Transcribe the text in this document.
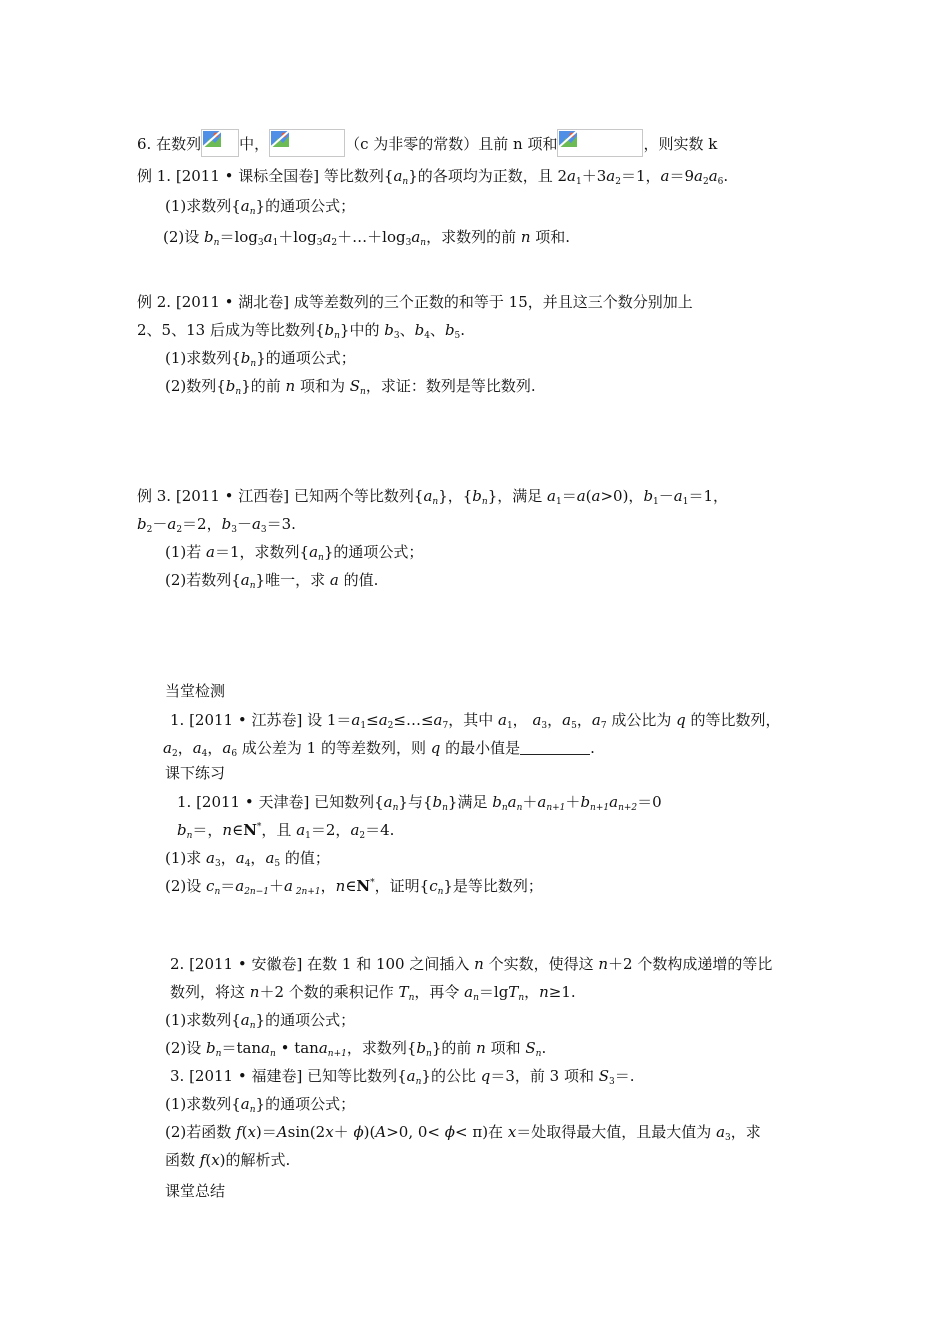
6. 在数列	中，	（c 为非零的常数）且前 n 项和	，则实数 k
例 1. [2011 • 课标全国卷] 等比数列$\{a_n\}$的各项均为正数，且 $2a_1+3a_2=1$，$a=9a_2a_6$.
(1)求数列$\{a_n\}$的通项公式；
(2)设 $b_n=\log_3a_1+\log_3a_2+\dots+\log_3a_n$，求数列的前 n 项和.
例 2. [2011 • 湖北卷] 成等差数列的三个正数的和等于 15，并且这三个数分别加上
2、5、13 后成为等比数列$\{b_n\}$中的 $b_3$、$b_4$、$b_5$.
(1)求数列$\{b_n\}$的通项公式；
(2)数列$\{b_n\}$的前 n 项和为 $S_n$，求证：数列是等比数列.
例 3. [2011 • 江西卷] 已知两个等比数列$\{a_n\}$，$\{b_n\}$，满足 $a_1=a(a>0)$，$b_1-a_1=1$，
$b_2-a_2=2$，$b_3-a_3=3$.
(1)若 a＝1，求数列$\{a_n\}$的通项公式；
(2)若数列$\{a_n\}$唯一，求 a 的值.
当堂检测
1. [2011 • 江苏卷] 设 $1=a_1\le a_2\le\dots\le a_7$，其中 $a_1$， $a_3$，$a_5$，$a_7$ 成公比为 q 的等比数列，
$a_2$，$a_4$，$a_6$ 成公差为 1 的等差数列，则 q 的最小值是	.
课下练习
1. [2011 • 天津卷] 已知数列$\{a_n\}$与$\{b_n\}$满足 $b_na_n+a_{n+1}+b_{n+1}a_{n+2}=0$
$b_n=$，n∈N*，且 $a_1=2$，$a_2=4$.
(1)求 $a_3$，$a_4$，$a_5$ 的值；
(2)设 $c_n=a_{2n-1}+a$ $_{2n+1}$，n∈N*，证明$\{c_n\}$是等比数列；
2. [2011 • 安徽卷] 在数 1 和 100 之间插入 n 个实数，使得这 n＋2 个数构成递增的等比
数列，将这 n＋2 个数的乘积记作 $T_n$，再令 $a_n=\lg T_n$，n≥1.
(1)求数列$\{a_n\}$的通项公式；
(2)设 $b_n=\tan a_n$ • tana$_{n+1}$，求数列$\{b_n\}$的前 n 项和 $S_n$.
3. [2011 • 福建卷] 已知等比数列$\{a_n\}$的公比 q＝3，前 3 项和 $S_3=$.
(1)求数列$\{a_n\}$的通项公式；
(2)若函数 f(x)＝Asin(2x＋ ϕ)(A>0, 0< ϕ< π)在 x＝处取得最大值，且最大值为 $a_3$，求
函数 f(x)的解析式.
课堂总结
